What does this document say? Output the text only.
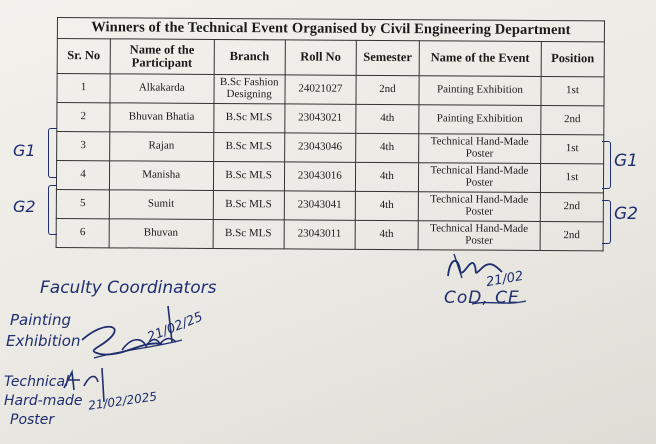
Winners of the Technical Event Organised by Civil Engineering Department						
Sr. No	Name of the Participant	Branch	Roll No	Semester	Name of the Event	Position
1	Alkakarda	B.Sc Fashion Designing	24021027	2nd	Painting Exhibition	1st
2	Bhuvan Bhatia	B.Sc MLS	23043021	4th	Painting Exhibition	2nd
3	Rajan	B.Sc MLS	23043046	4th	Technical Hand-Made Poster	1st
4	Manisha	B.Sc MLS	23043016	4th	Technical Hand-Made Poster	1st
5	Sumit	B.Sc MLS	23043041	4th	Technical Hand-Made Poster	2nd
6	Bhuvan	B.Sc MLS	23043011	4th	Technical Hand-Made Poster	2nd
G1
G2
G1
G2
21/02
CoD, CE
Faculty Coordinators
Painting
Exhibition	21/02/25
Technical
Hard-made
Poster
21/02/2025
